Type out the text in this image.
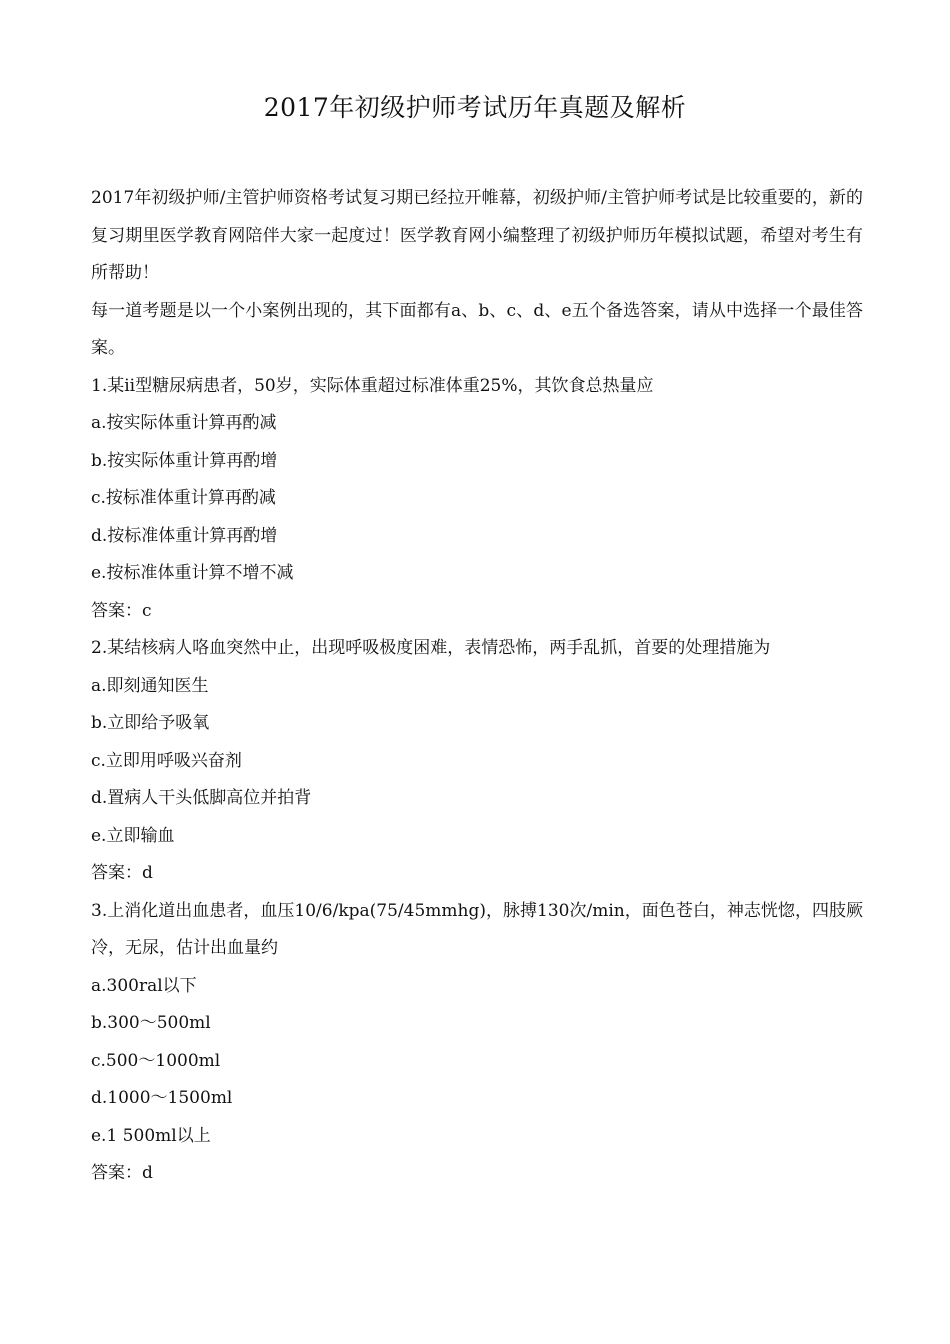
2017年初级护师考试历年真题及解析

2017年初级护师/主管护师资格考试复习期已经拉开帷幕，初级护师/主管护师考试是比较重要的，新的复习期里医学教育网陪伴大家一起度过！医学教育网小编整理了初级护师历年模拟试题，希望对考生有所帮助！

每一道考题是以一个小案例出现的，其下面都有a、b、c、d、e五个备选答案，请从中选择一个最佳答案。

1.某ii型糖尿病患者，50岁，实际体重超过标准体重25%，其饮食总热量应

a.按实际体重计算再酌减

b.按实际体重计算再酌增

c.按标准体重计算再酌减

d.按标准体重计算再酌增

e.按标准体重计算不增不减

答案：c

2.某结核病人咯血突然中止，出现呼吸极度困难，表情恐怖，两手乱抓，首要的处理措施为

a.即刻通知医生

b.立即给予吸氧

c.立即用呼吸兴奋剂

d.置病人干头低脚高位并拍背

e.立即输血

答案：d

3.上消化道出血患者，血压10/6/kpa(75/45mmhg)，脉搏130次/min，面色苍白，神志恍惚，四肢厥冷，无尿，估计出血量约

a.300ral以下

b.300～500ml

c.500～1000ml

d.1000～1500ml

e.1 500ml以上

答案：d
